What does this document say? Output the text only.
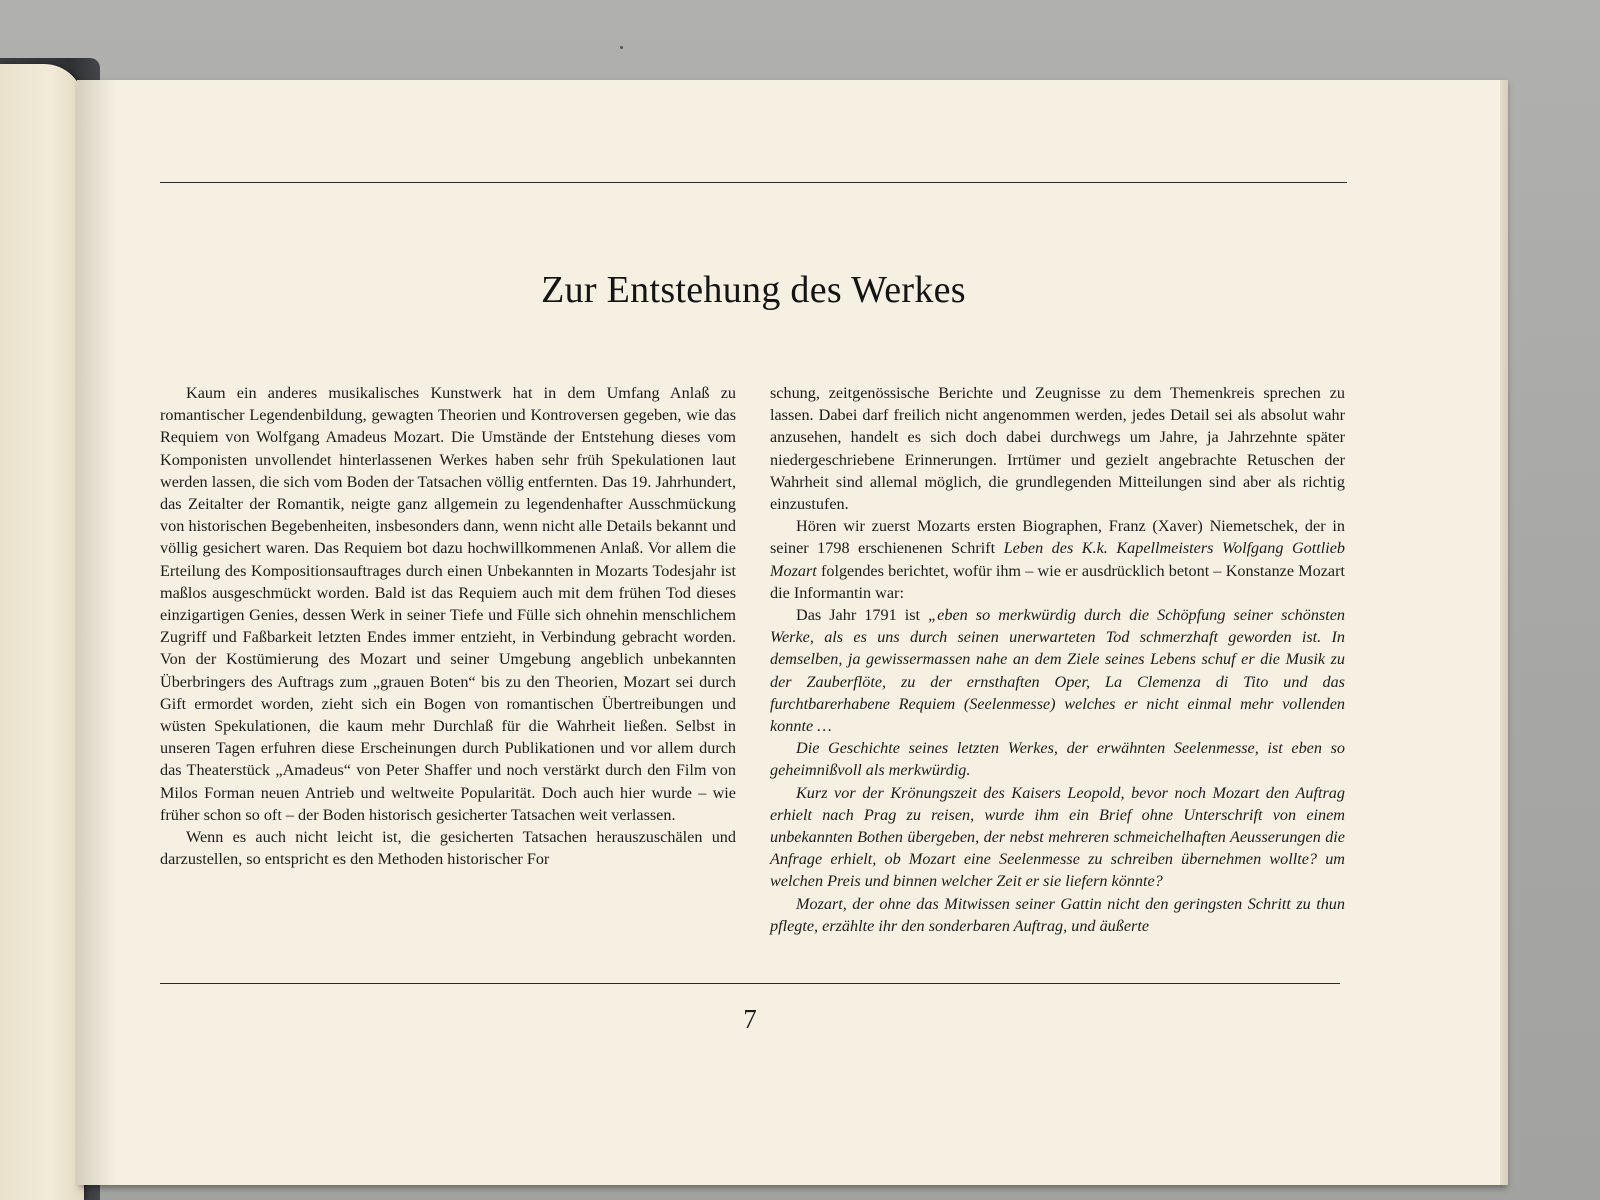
Zur Entstehung des Werkes

Kaum ein anderes musikalisches Kunstwerk hat in dem Umfang Anlaß zu romantischer Legendenbildung, gewagten Theorien und Kontroversen gegeben, wie das Requiem von Wolfgang Amadeus Mozart. Die Umstände der Entstehung dieses vom Komponisten unvollendet hinterlassenen Werkes haben sehr früh Spekulationen laut werden lassen, die sich vom Boden der Tatsachen völlig entfernten. Das 19. Jahrhundert, das Zeitalter der Romantik, neigte ganz allgemein zu legendenhafter Ausschmückung von historischen Begebenheiten, insbesonders dann, wenn nicht alle Details bekannt und völlig gesichert waren. Das Requiem bot dazu hochwillkommenen Anlaß. Vor allem die Erteilung des Kompositionsauftrages durch einen Unbekannten in Mozarts Todesjahr ist maßlos ausgeschmückt worden. Bald ist das Requiem auch mit dem frühen Tod dieses einzigartigen Genies, dessen Werk in seiner Tiefe und Fülle sich ohnehin menschlichem Zugriff und Faßbarkeit letzten Endes immer entzieht, in Verbindung gebracht worden. Von der Kostümierung des Mozart und seiner Umgebung angeblich unbekannten Überbringers des Auftrags zum „grauen Boten“ bis zu den Theorien, Mozart sei durch Gift ermordet worden, zieht sich ein Bogen von romantischen Übertreibungen und wüsten Spekulationen, die kaum mehr Durchlaß für die Wahrheit ließen. Selbst in unseren Tagen erfuhren diese Erscheinungen durch Publikationen und vor allem durch das Theaterstück „Amadeus“ von Peter Shaffer und noch verstärkt durch den Film von Milos Forman neuen Antrieb und weltweite Popularität. Doch auch hier wurde – wie früher schon so oft – der Boden historisch gesicherter Tatsachen weit verlassen.

Wenn es auch nicht leicht ist, die gesicherten Tatsachen herauszuschälen und darzustellen, so entspricht es den Methoden historischer For

schung, zeitgenössische Berichte und Zeugnisse zu dem Themenkreis sprechen zu lassen. Dabei darf freilich nicht angenommen werden, jedes Detail sei als absolut wahr anzusehen, handelt es sich doch dabei durchwegs um Jahre, ja Jahrzehnte später niedergeschriebene Erinnerungen. Irrtümer und gezielt angebrachte Retuschen der Wahrheit sind allemal möglich, die grundlegenden Mitteilungen sind aber als richtig einzustufen.

Hören wir zuerst Mozarts ersten Biographen, Franz (Xaver) Niemetschek, der in seiner 1798 erschienenen Schrift Leben des K.k. Kapellmeisters Wolfgang Gottlieb Mozart folgendes berichtet, wofür ihm – wie er ausdrücklich betont – Konstanze Mozart die Informantin war:

Das Jahr 1791 ist „eben so merkwürdig durch die Schöpfung seiner schönsten Werke, als es uns durch seinen unerwarteten Tod schmerzhaft geworden ist. In demselben, ja gewissermassen nahe an dem Ziele seines Lebens schuf er die Musik zu der Zauberflöte, zu der ernsthaften Oper, La Clemenza di Tito und das furchtbarerhabene Requiem (Seelenmesse) welches er nicht einmal mehr vollenden konnte …

Die Geschichte seines letzten Werkes, der erwähnten Seelenmesse, ist eben so geheimnißvoll als merkwürdig.

Kurz vor der Krönungszeit des Kaisers Leopold, bevor noch Mozart den Auftrag erhielt nach Prag zu reisen, wurde ihm ein Brief ohne Unterschrift von einem unbekannten Bothen übergeben, der nebst mehreren schmeichelhaften Aeusserungen die Anfrage erhielt, ob Mozart eine Seelenmesse zu schreiben übernehmen wollte? um welchen Preis und binnen welcher Zeit er sie liefern könnte?

Mozart, der ohne das Mitwissen seiner Gattin nicht den geringsten Schritt zu thun pflegte, erzählte ihr den sonderbaren Auftrag, und äußerte

7
